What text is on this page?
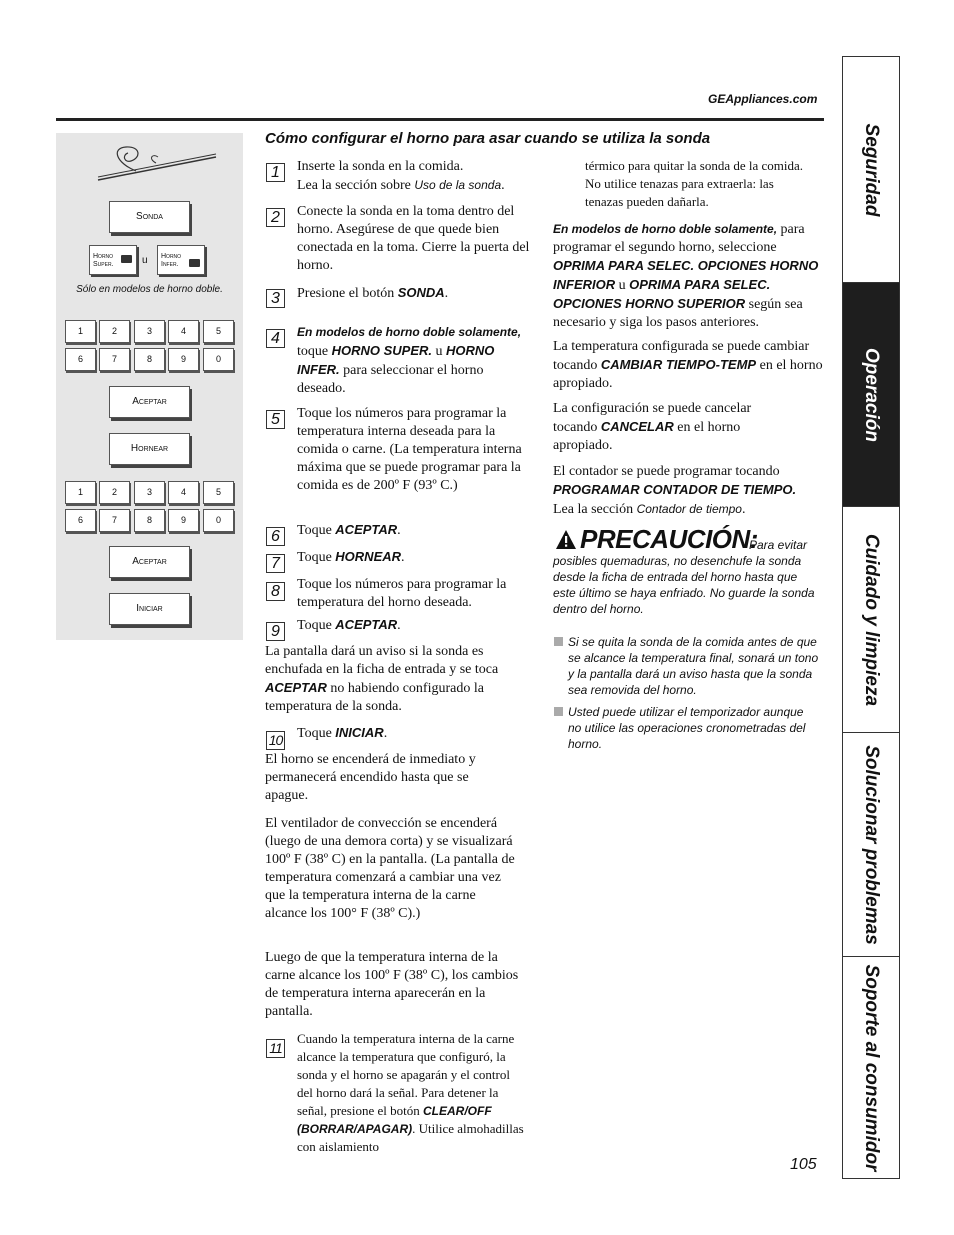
GEAppliances.com
Cómo configurar el horno para asar cuando se utiliza la sonda
Sonda
Horno
Super.	u Horno
Infer.
Sólo en modelos de horno doble.
1	2	3	4	5
6	7	8	9	0
Aceptar
Hornear
1	2	3	4	5
6	7	8	9	0
Aceptar
Iniciar
1	Inserte la sonda en la comida.
Lea la sección sobre Uso de la sonda.
2	Conecte la sonda en la toma dentro del horno. Asegúrese de que quede bien conectada en la toma. Cierre la puerta del horno.
3	Presione el botón SONDA.
4	En modelos de horno doble solamente,
toque HORNO SUPER. u HORNO INFER. para seleccionar el horno deseado.
5	Toque los números para programar la temperatura interna deseada para la comida o carne. (La temperatura interna máxima que se puede programar para la comida es de 200º F (93º C.)
6	Toque ACEPTAR.
7	Toque HORNEAR.
8	Toque los números para programar la temperatura del horno deseada.
9	Toque ACEPTAR.
La pantalla dará un aviso si la sonda es enchufada en la ficha de entrada y se toca ACEPTAR no habiendo configurado la temperatura de la sonda.
10 Toque INICIAR.
El horno se encenderá de inmediato y permanecerá encendido hasta que se apague.
El ventilador de convección se encenderá (luego de una demora corta) y se visualizará 100º F (38º C) en la pantalla. (La pantalla de temperatura comenzará a cambiar una vez que la temperatura interna de la carne alcance los 100° F (38º C).)
Luego de que la temperatura interna de la carne alcance los 100º F (38º C), los cambios de temperatura interna aparecerán en la pantalla.
11
Cuando la temperatura interna de la carne alcance la temperatura que configuró, la sonda y el horno se apagarán y el control del horno dará la señal. Para detener la señal, presione el botón CLEAR/OFF (BORRAR/APAGAR). Utilice almohadillas con aislamiento
térmico para quitar la sonda de la comida. No utilice tenazas para extraerla: las tenazas pueden dañarla.
En modelos de horno doble solamente, para programar el segundo horno, seleccione OPRIMA PARA SELEC. OPCIONES HORNO INFERIOR u OPRIMA PARA SELEC. OPCIONES HORNO SUPERIOR según sea necesario y siga los pasos anteriores.
La temperatura configurada se puede cambiar tocando CAMBIAR TIEMPO-TEMP en el horno apropiado.
La configuración se puede cancelar tocando CANCELAR en el horno apropiado.
El contador se puede programar tocando PROGRAMAR CONTADOR DE TIEMPO.
Lea la sección Contador de tiempo.
PRECAUCIÓN:
Para evitar posibles quemaduras, no desenchufe la sonda desde la ficha de entrada del horno hasta que este último se haya enfriado. No guarde la sonda dentro del horno.
Si se quita la sonda de la comida antes de que se alcance la temperatura final, sonará un tono y la pantalla dará un aviso hasta que la sonda sea removida del horno.
Usted puede utilizar el temporizador aunque no utilice las operaciones cronometradas del horno.
Seguridad
Operación
Cuidado y limpieza
Solucionar problemas
Soporte al consumidor
105
